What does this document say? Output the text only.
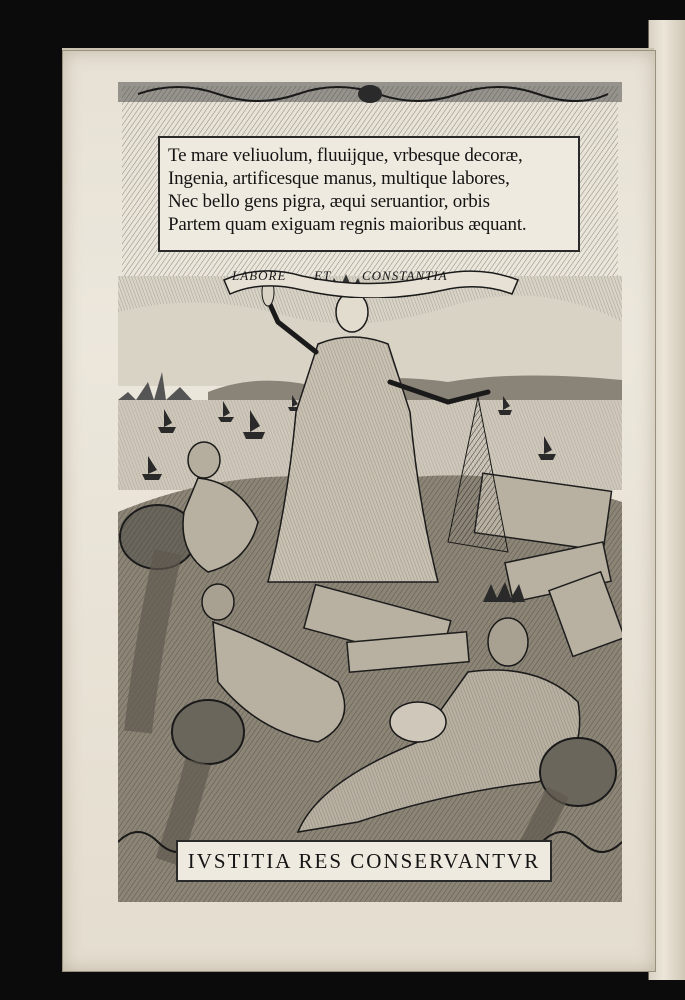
LABORE ET CONSTANTIA
Te mare veliuolum, fluuijque, vrbesque decoræ,
Ingenia, artificesque manus, multique labores,
Nec bello gens pigra, æqui seruantior, orbis
Partem quam exiguam regnis maioribus æquant.
IVSTITIA RES CONSERVANTVR
